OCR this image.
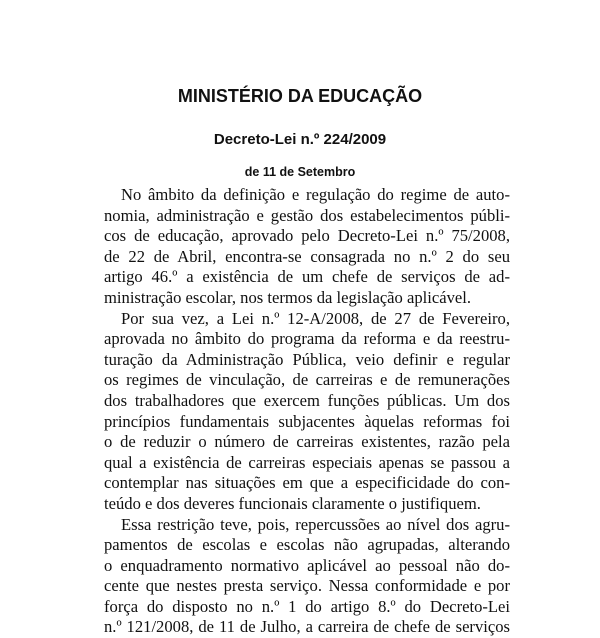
MINISTÉRIO DA EDUCAÇÃO
Decreto-Lei n.º 224/2009
de 11 de Setembro

No âmbito da definição e regulação do regime de auto-
nomia, administração e gestão dos estabelecimentos públi-
cos de educação, aprovado pelo Decreto-Lei n.º 75/2008,
de 22 de Abril, encontra-se consagrada no n.º 2 do seu
artigo 46.º a existência de um chefe de serviços de ad-
ministração escolar, nos termos da legislação aplicável.

Por sua vez, a Lei n.º 12-A/2008, de 27 de Fevereiro,
aprovada no âmbito do programa da reforma e da reestru-
turação da Administração Pública, veio definir e regular
os regimes de vinculação, de carreiras e de remunerações
dos trabalhadores que exercem funções públicas. Um dos
princípios fundamentais subjacentes àquelas reformas foi
o de reduzir o número de carreiras existentes, razão pela
qual a existência de carreiras especiais apenas se passou a
contemplar nas situações em que a especificidade do con-
teúdo e dos deveres funcionais claramente o justifiquem.

Essa restrição teve, pois, repercussões ao nível dos agru-
pamentos de escolas e escolas não agrupadas, alterando
o enquadramento normativo aplicável ao pessoal não do-
cente que nestes presta serviço. Nessa conformidade e por
força do disposto no n.º 1 do artigo 8.º do Decreto-Lei
n.º 121/2008, de 11 de Julho, a carreira de chefe de serviços
